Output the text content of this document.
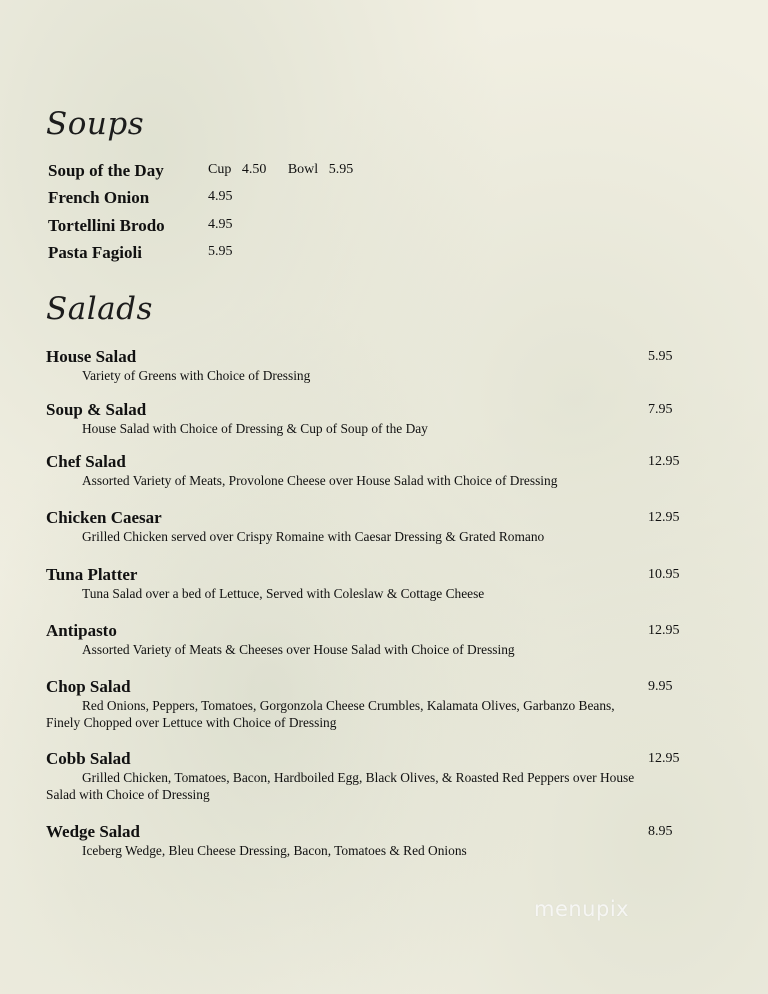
Soups
Soup of the Day	Cup 4.50 Bowl 5.95
French Onion	4.95
Tortellini Brodo	4.95
Pasta Fagioli	5.95
Salads
House Salad
Variety of Greens with Choice of Dressing
5.95
Soup & Salad
House Salad with Choice of Dressing & Cup of Soup of the Day
7.95
Chef Salad
Assorted Variety of Meats, Provolone Cheese over House Salad with Choice of Dressing
12.95
Chicken Caesar
Grilled Chicken served over Crispy Romaine with Caesar Dressing & Grated Romano
12.95
Tuna Platter
Tuna Salad over a bed of Lettuce, Served with Coleslaw & Cottage Cheese
10.95
Antipasto
Assorted Variety of Meats & Cheeses over House Salad with Choice of Dressing
12.95
Chop Salad
Red Onions, Peppers, Tomatoes, Gorgonzola Cheese Crumbles, Kalamata Olives, Garbanzo Beans, Finely Chopped over Lettuce with Choice of Dressing
9.95
Cobb Salad
Grilled Chicken, Tomatoes, Bacon, Hardboiled Egg, Black Olives, & Roasted Red Peppers over House Salad with Choice of Dressing
12.95
Wedge Salad
Iceberg Wedge, Bleu Cheese Dressing, Bacon, Tomatoes & Red Onions
8.95
menupix
